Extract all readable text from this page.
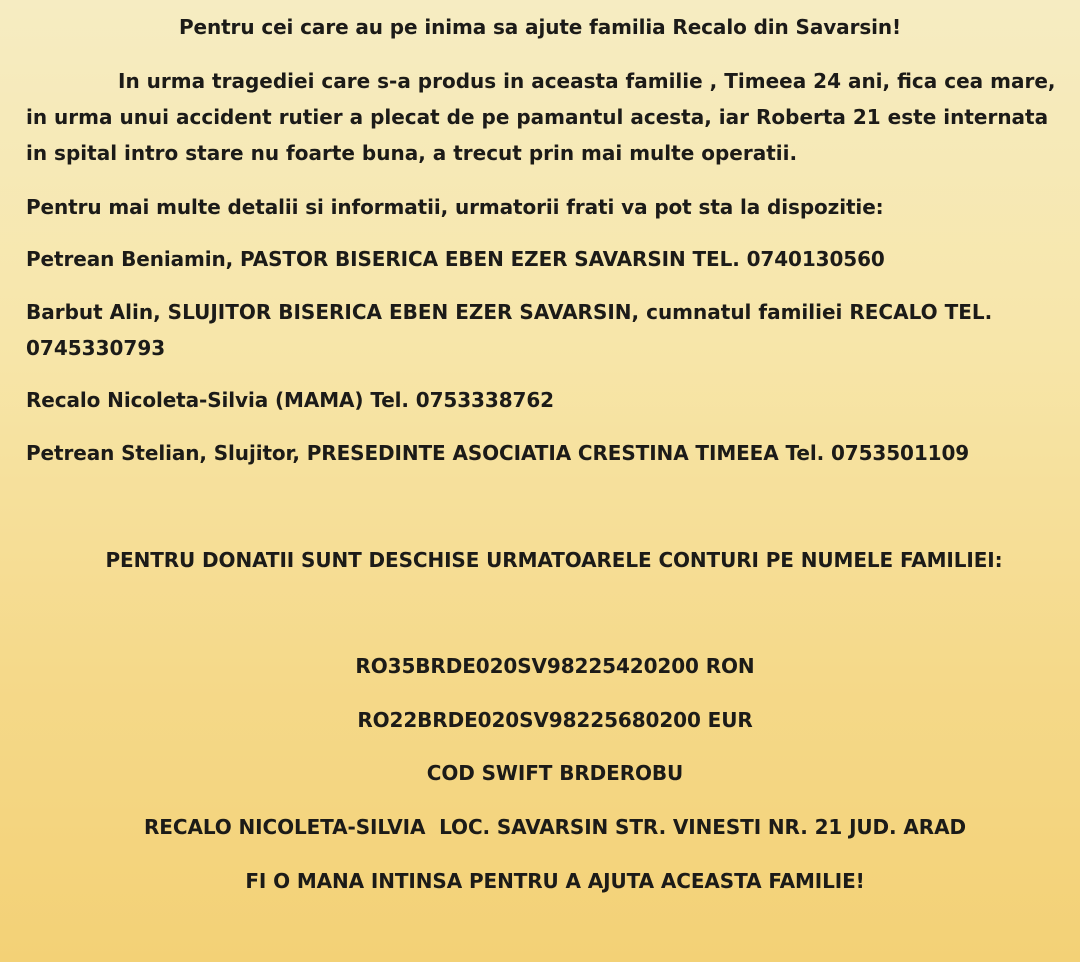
Pentru cei care au pe inima sa ajute familia Recalo din Savarsin!
In urma tragediei care s-a produs in aceasta familie , Timeea 24 ani, fica cea mare, in urma unui accident rutier a plecat de pe pamantul acesta, iar Roberta 21 este internata in spital intro stare nu foarte buna, a trecut prin mai multe operatii.
Pentru mai multe detalii si informatii, urmatorii frati va pot sta la dispozitie:
Petrean Beniamin, PASTOR BISERICA EBEN EZER SAVARSIN TEL. 0740130560
Barbut Alin, SLUJITOR BISERICA EBEN EZER SAVARSIN, cumnatul familiei RECALO TEL. 0745330793
Recalo Nicoleta-Silvia (MAMA) Tel. 0753338762
Petrean Stelian, Slujitor, PRESEDINTE ASOCIATIA CRESTINA TIMEEA Tel. 0753501109
PENTRU DONATII SUNT DESCHISE URMATOARELE CONTURI PE NUMELE FAMILIEI:
RO35BRDE020SV98225420200 RON
RO22BRDE020SV98225680200 EUR
COD SWIFT BRDEROBU
RECALO NICOLETA-SILVIA  LOC. SAVARSIN STR. VINESTI NR. 21 JUD. ARAD
FI O MANA INTINSA PENTRU A AJUTA ACEASTA FAMILIE!
